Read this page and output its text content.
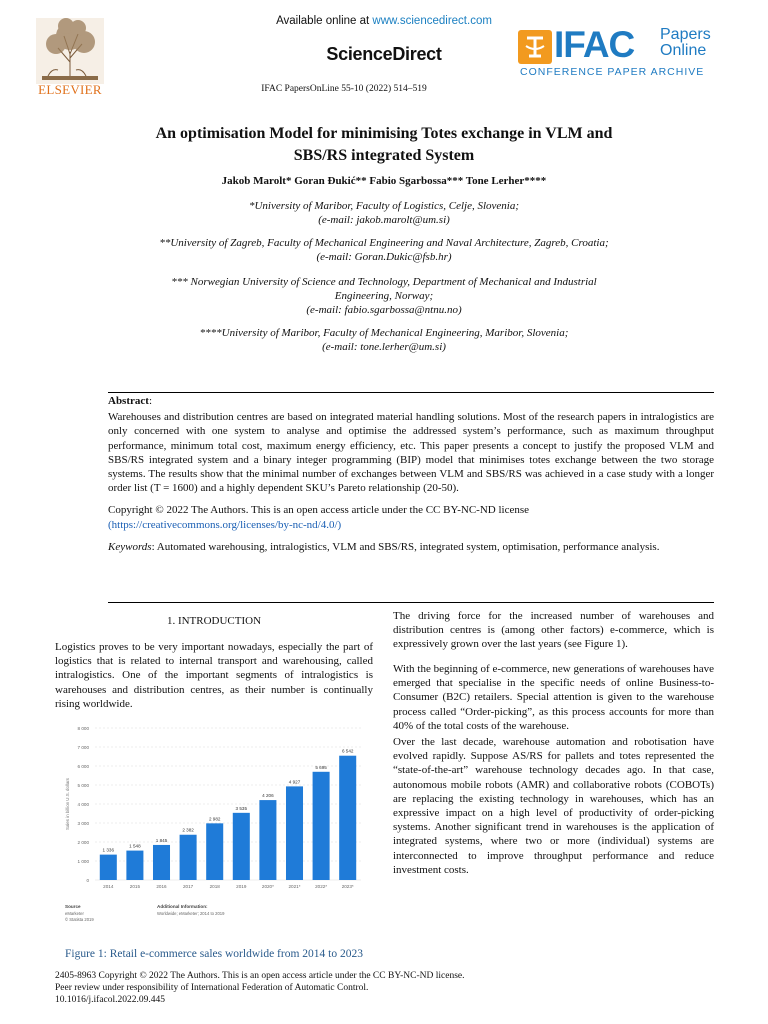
Available online at www.sciencedirect.com
ScienceDirect
IFAC PapersOnLine 55-10 (2022) 514–519
ELSEVIER
IFAC Papers
Online
CONFERENCE PAPER ARCHIVE
An optimisation Model for minimising Totes exchange in VLM and
SBS/RS integrated System
Jakob Marolt* Goran Đukić** Fabio Sgarbossa*** Tone Lerher****
*University of Maribor, Faculty of Logistics, Celje, Slovenia;
(e-mail: jakob.marolt@um.si)
**University of Zagreb, Faculty of Mechanical Engineering and Naval Architecture, Zagreb, Croatia;
(e-mail: Goran.Dukic@fsb.hr)
*** Norwegian University of Science and Technology, Department of Mechanical and Industrial
Engineering, Norway;
(e-mail: fabio.sgarbossa@ntnu.no)
****University of Maribor, Faculty of Mechanical Engineering, Maribor, Slovenia;
(e-mail: tone.lerher@um.si)
Abstract:
Warehouses and distribution centres are based on integrated material handling solutions. Most of the research papers in intralogistics are only concerned with one system to analyse and optimise the addressed system’s performance, such as maximum throughput performance, minimum total cost, maximum energy efficiency, etc. This paper presents a concept to justify the proposed VLM and SBS/RS integrated system and a binary integer programming (BIP) model that minimises totes exchange between the two storage systems. The results show that the minimal number of exchanges between VLM and SBS/RS was achieved in a case study with a longer order list (T = 1600) and a highly dependent SKU’s Pareto relationship (20-50).
Copyright © 2022 The Authors. This is an open access article under the CC BY-NC-ND license
(https://creativecommons.org/licenses/by-nc-nd/4.0/)
Keywords: Automated warehousing, intralogistics, VLM and SBS/RS, integrated system, optimisation, performance analysis.
1. INTRODUCTION
Logistics proves to be very important nowadays, especially the part of logistics that is related to internal transport and warehousing, called intralogistics. One of the important segments of intralogistics is warehouses and distribution centres, as their number is continually rising worldwide.
0
1 000
2 000
3 000
4 000
5 000
6 000
7 000
8 000
Sales in billion U.S. dollars
1 336
2014
1 548
2015
1 845
2016
2 382
2017
2 982
2018
3 535
2019
4 206
2020*
4 927
2021*
5 695
2022*
6 542
2023*
Source
eMarketer
© Statista 2019
Additional Information:
Worldwide; eMarketer; 2014 to 2019
Figure 1: Retail e-commerce sales worldwide from 2014 to 2023
The driving force for the increased number of warehouses and distribution centres is (among other factors) e-commerce, which is expressively grown over the last years (see Figure 1).
With the beginning of e-commerce, new generations of warehouses have emerged that specialise in the specific needs of online Business-to-Consumer (B2C) retailers. Special attention is given to the warehouse process called “Order-picking”, as this process accounts for more than 40% of the total costs of the warehouse.
Over the last decade, warehouse automation and robotisation have evolved rapidly. Suppose AS/RS for pallets and totes represented the “state-of-the-art” warehouse technology decades ago. In that case, autonomous mobile robots (AMR) and collaborative robots (COBOTs) are replacing the existing technology in warehouses, which has an expressive impact on a high level of productivity of order-picking systems. Another significant trend in warehouses is the application of integrated systems, where two or more (individual) systems are interconnected to improve throughput performance and reduce investment costs.
2405-8963 Copyright © 2022 The Authors. This is an open access article under the CC BY-NC-ND license.
Peer review under responsibility of International Federation of Automatic Control.
10.1016/j.ifacol.2022.09.445
